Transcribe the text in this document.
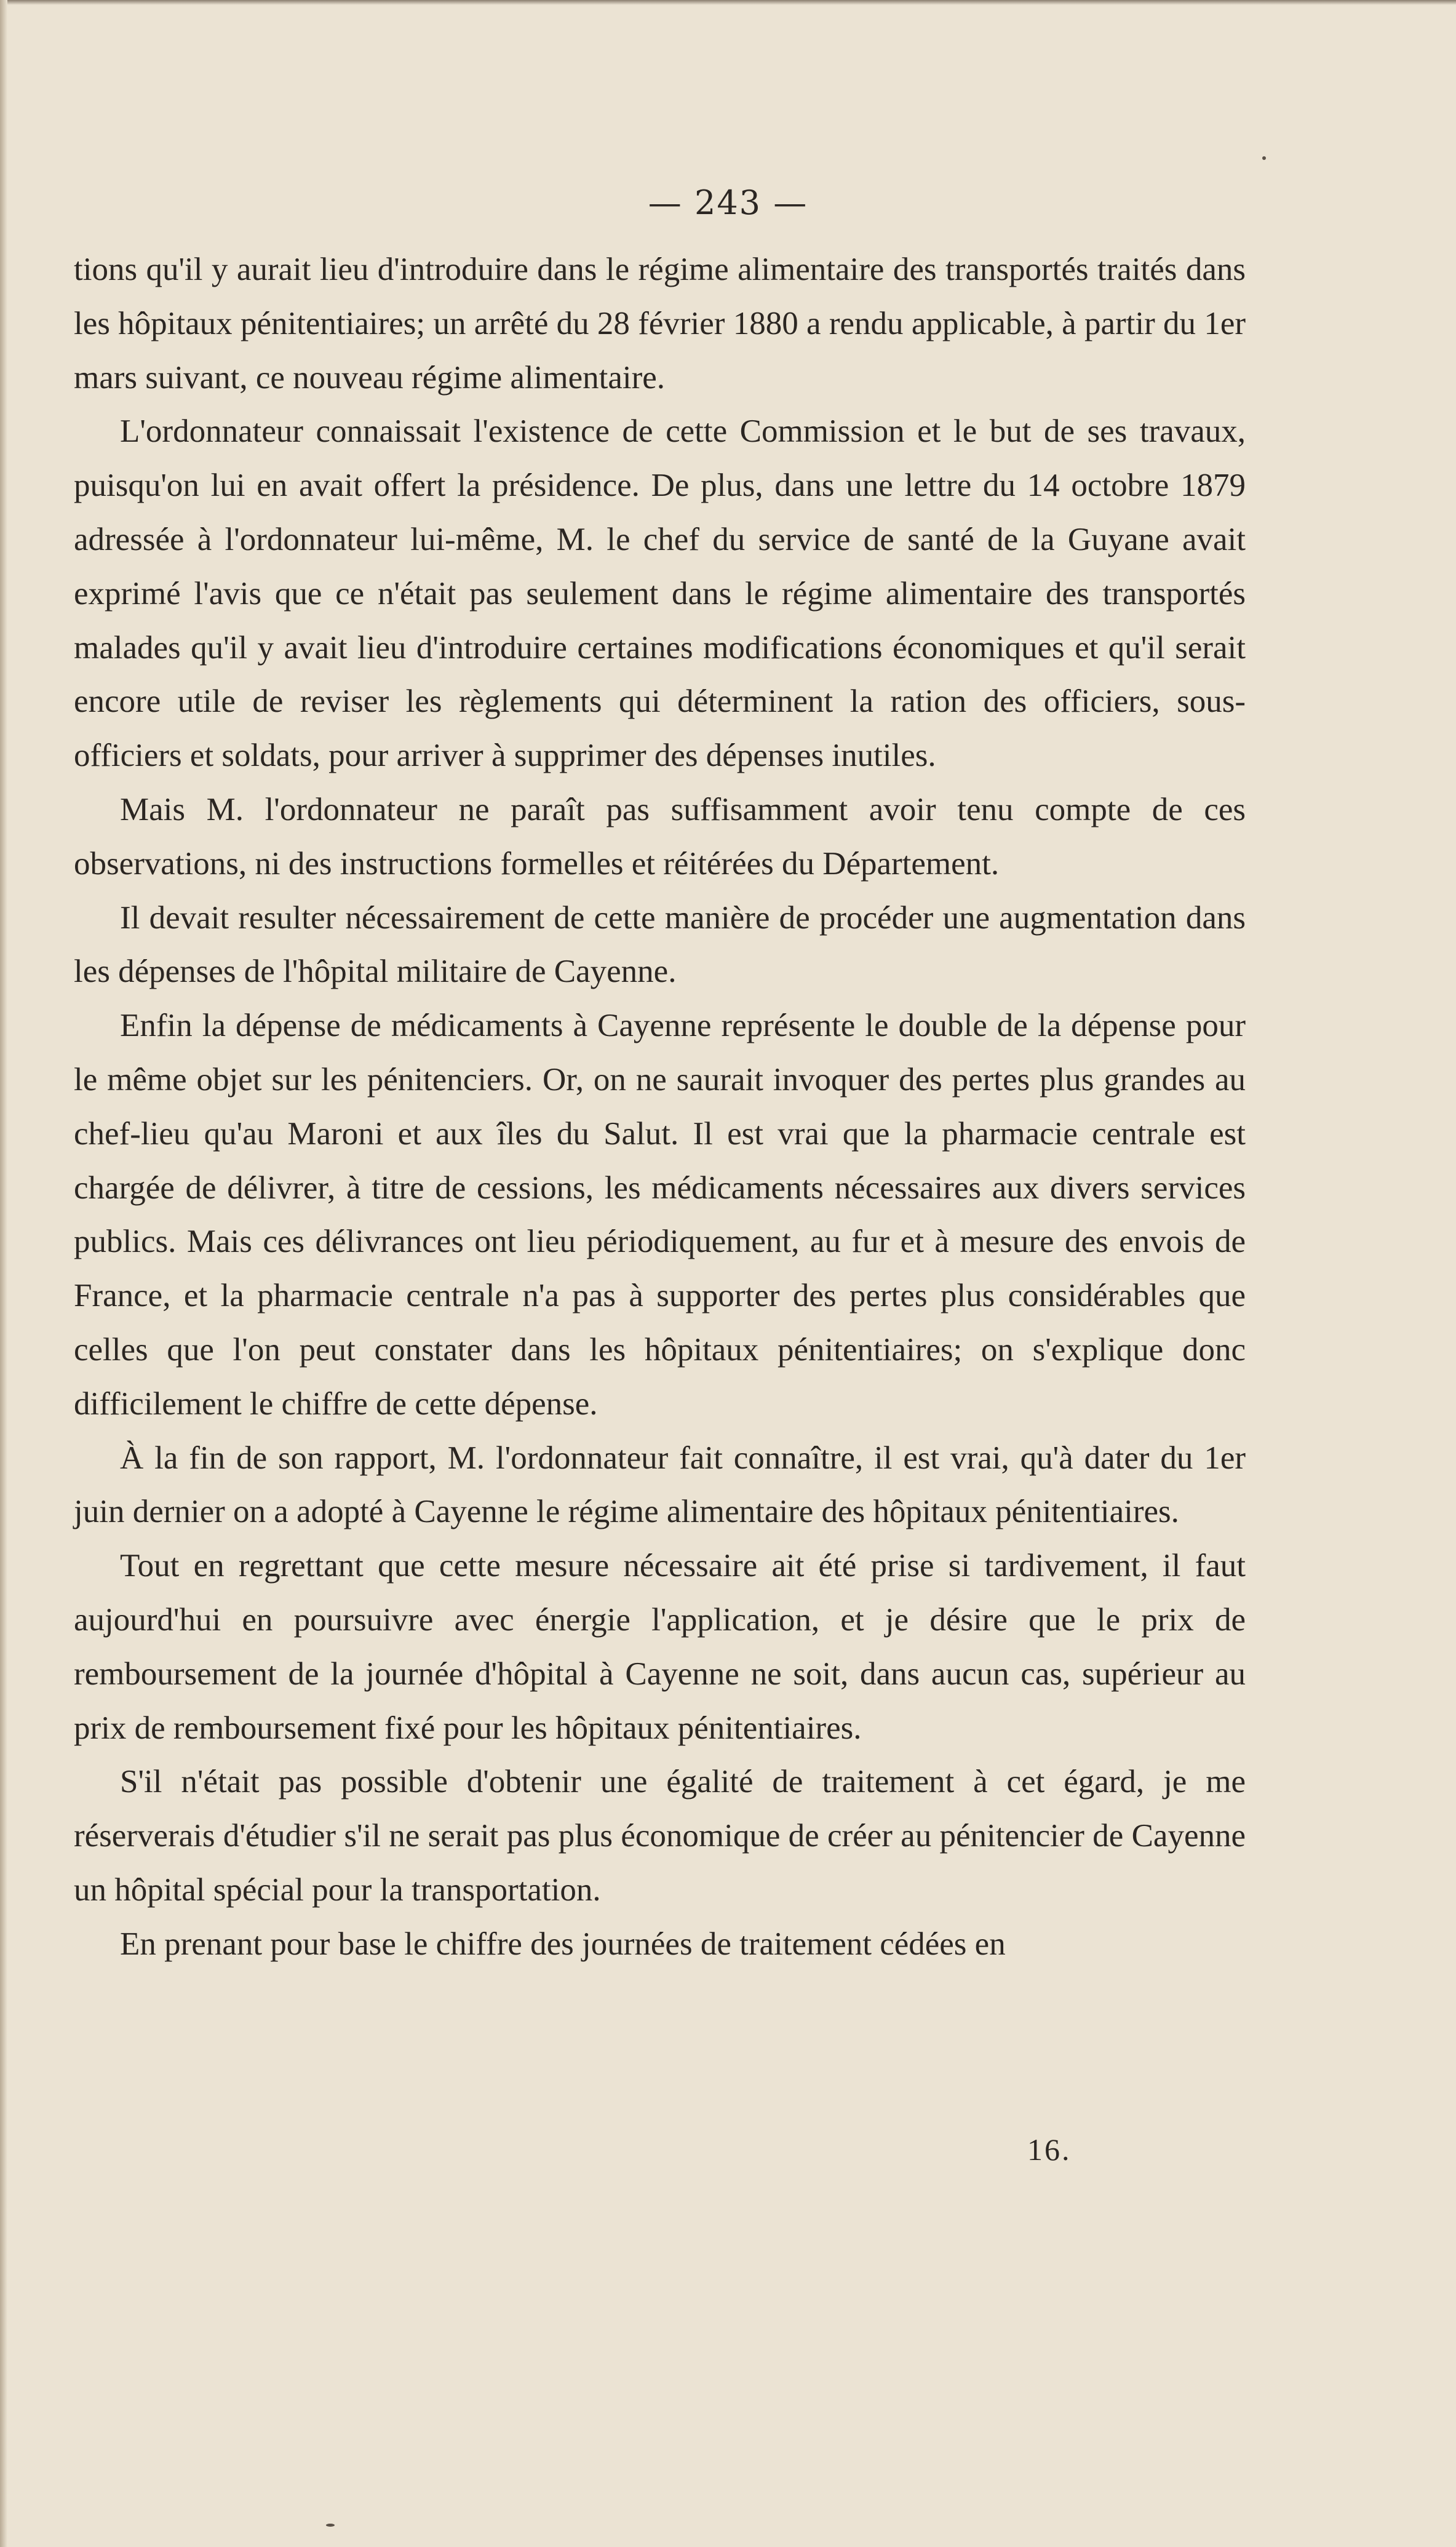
— 243 —

tions qu'il y aurait lieu d'introduire dans le régime alimentaire des transportés traités dans les hôpitaux pénitentiaires; un arrêté du 28 février 1880 a rendu applicable, à partir du 1er mars suivant, ce nouveau régime alimentaire.

L'ordonnateur connaissait l'existence de cette Commission et le but de ses travaux, puisqu'on lui en avait offert la présidence. De plus, dans une lettre du 14 octobre 1879 adressée à l'ordonnateur lui-même, M. le chef du service de santé de la Guyane avait exprimé l'avis que ce n'était pas seulement dans le régime alimentaire des transportés malades qu'il y avait lieu d'introduire certaines modifications économiques et qu'il serait encore utile de reviser les règlements qui déterminent la ration des officiers, sous-officiers et soldats, pour arriver à supprimer des dépenses inutiles.

Mais M. l'ordonnateur ne paraît pas suffisamment avoir tenu compte de ces observations, ni des instructions formelles et réitérées du Département.

Il devait resulter nécessairement de cette manière de procéder une augmentation dans les dépenses de l'hôpital militaire de Cayenne.

Enfin la dépense de médicaments à Cayenne représente le double de la dépense pour le même objet sur les pénitenciers. Or, on ne saurait invoquer des pertes plus grandes au chef-lieu qu'au Maroni et aux îles du Salut. Il est vrai que la pharmacie centrale est chargée de délivrer, à titre de cessions, les médicaments nécessaires aux divers services publics. Mais ces délivrances ont lieu périodiquement, au fur et à mesure des envois de France, et la pharmacie centrale n'a pas à supporter des pertes plus considérables que celles que l'on peut constater dans les hôpitaux pénitentiaires; on s'explique donc difficilement le chiffre de cette dépense.

À la fin de son rapport, M. l'ordonnateur fait connaître, il est vrai, qu'à dater du 1er juin dernier on a adopté à Cayenne le régime alimentaire des hôpitaux pénitentiaires.

Tout en regrettant que cette mesure nécessaire ait été prise si tardivement, il faut aujourd'hui en poursuivre avec énergie l'application, et je désire que le prix de remboursement de la journée d'hôpital à Cayenne ne soit, dans aucun cas, supérieur au prix de remboursement fixé pour les hôpitaux pénitentiaires.

S'il n'était pas possible d'obtenir une égalité de traitement à cet égard, je me réserverais d'étudier s'il ne serait pas plus économique de créer au pénitencier de Cayenne un hôpital spécial pour la transportation.

En prenant pour base le chiffre des journées de traitement cédées en

16.
